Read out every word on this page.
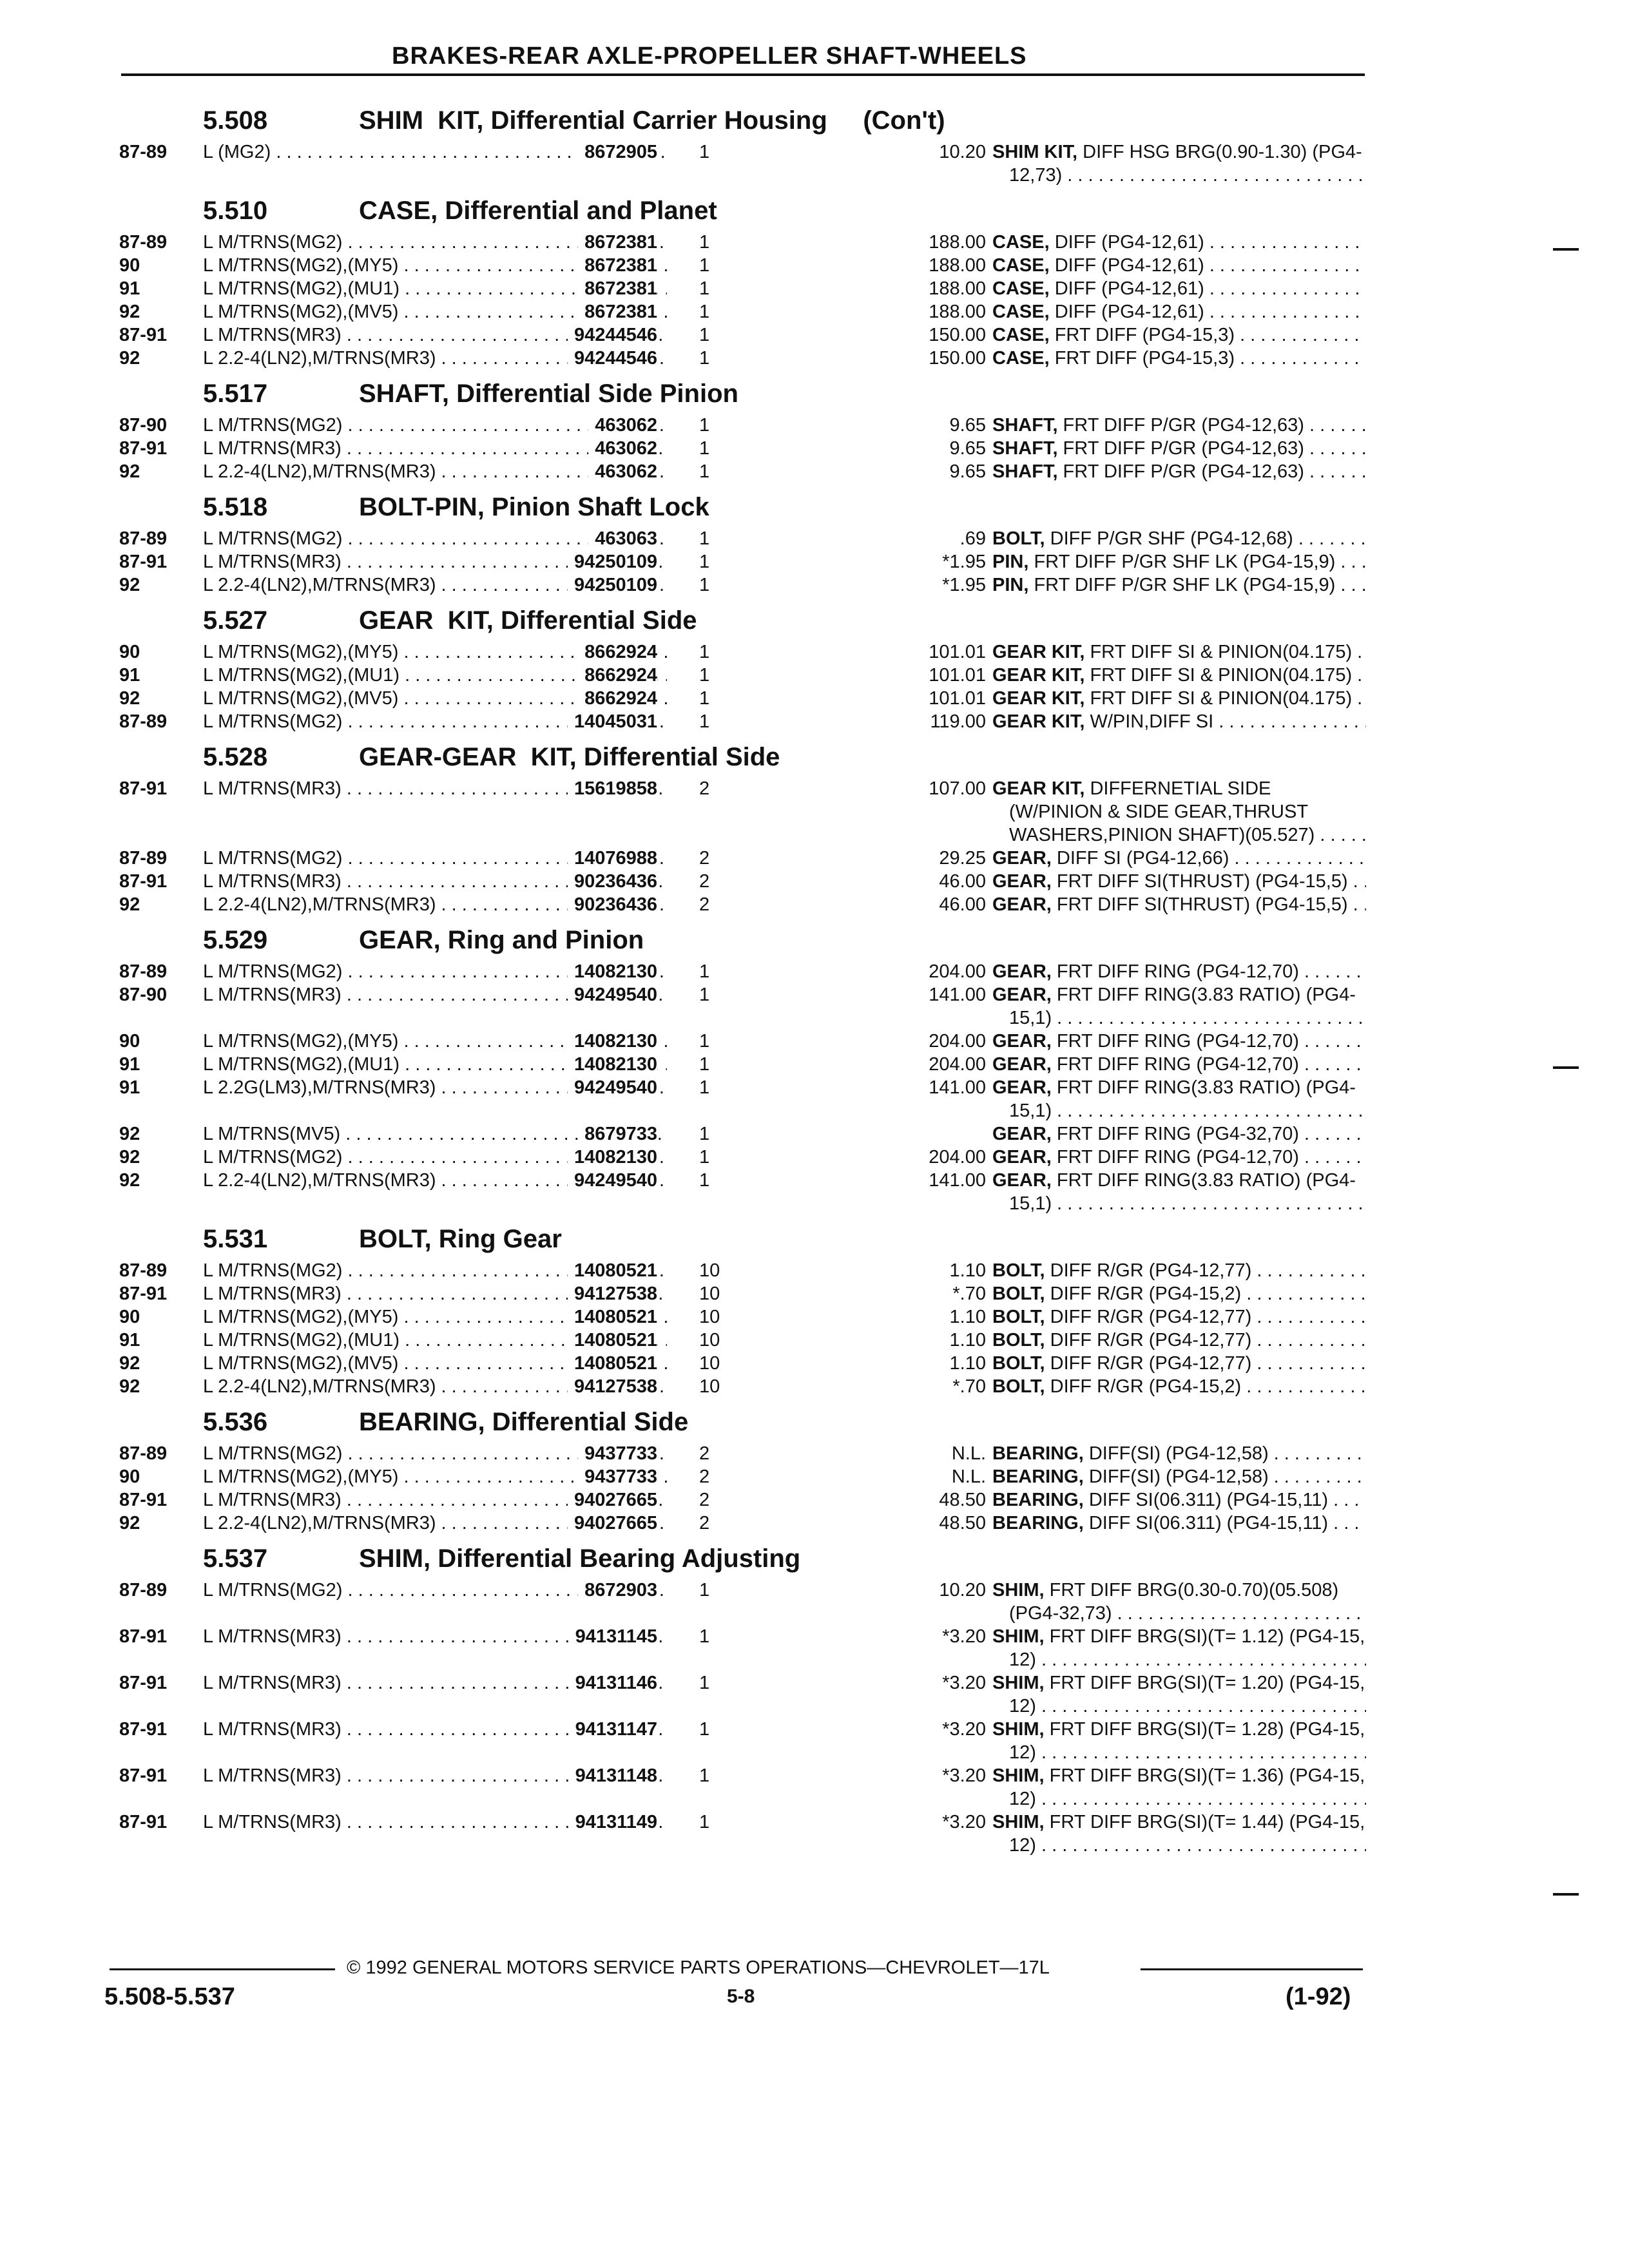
BRAKES-REAR AXLE-PROPELLER SHAFT-WHEELS
5.508	SHIM  KIT, Differential Carrier Housing     (Con't)
87-89	L (MG2) . . .	8672905 1	10.20 SHIM KIT, DIFF HSG BRG(0.90-1.30) (PG4-
12,73) . . .
5.510	CASE, Differential and Planet
87-89	L M/TRNS(MG2) . . .	8672381 1	188.00 CASE, DIFF (PG4-12,61) . . .
90	L M/TRNS(MG2),(MY5) . . .	8672381 1	188.00 CASE, DIFF (PG4-12,61) . . .
91	L M/TRNS(MG2),(MU1) . . .	8672381 1	188.00 CASE, DIFF (PG4-12,61) . . .
92	L M/TRNS(MG2),(MV5) . . .	8672381 1	188.00 CASE, DIFF (PG4-12,61) . . .
87-91	L M/TRNS(MR3) . . .	94244546 1	150.00 CASE, FRT DIFF (PG4-15,3) . . .
92	L 2.2-4(LN2),M/TRNS(MR3) . . .	94244546 1	150.00 CASE, FRT DIFF (PG4-15,3) . . .
5.517	SHAFT, Differential Side Pinion
87-90	L M/TRNS(MG2) . . .	463062 1	9.65 SHAFT, FRT DIFF P/GR (PG4-12,63) . . .
87-91	L M/TRNS(MR3) . . .	463062 1	9.65 SHAFT, FRT DIFF P/GR (PG4-12,63) . . .
92	L 2.2-4(LN2),M/TRNS(MR3) . . .	463062 1	9.65 SHAFT, FRT DIFF P/GR (PG4-12,63) . . .
5.518	BOLT-PIN, Pinion Shaft Lock
87-89	L M/TRNS(MG2) . . .	463063 1	.69 BOLT, DIFF P/GR SHF (PG4-12,68) . . .
87-91	L M/TRNS(MR3) . . .	94250109 1	*1.95 PIN, FRT DIFF P/GR SHF LK (PG4-15,9) . . .
92	L 2.2-4(LN2),M/TRNS(MR3) . . .	94250109 1	*1.95 PIN, FRT DIFF P/GR SHF LK (PG4-15,9) . . .
5.527	GEAR  KIT, Differential Side
90	L M/TRNS(MG2),(MY5) . . .	8662924 1	101.01 GEAR KIT, FRT DIFF SI & PINION(04.175) . . .
91	L M/TRNS(MG2),(MU1) . . .	8662924 1	101.01 GEAR KIT, FRT DIFF SI & PINION(04.175) . . .
92	L M/TRNS(MG2),(MV5) . . .	8662924 1	101.01 GEAR KIT, FRT DIFF SI & PINION(04.175) . . .
87-89	L M/TRNS(MG2) . . .	14045031 1	119.00 GEAR KIT, W/PIN,DIFF SI . . .
5.528	GEAR-GEAR  KIT, Differential Side
87-91	L M/TRNS(MR3) . . .	15619858 2	107.00 GEAR KIT, DIFFERNETIAL SIDE
(W/PINION & SIDE GEAR,THRUST
WASHERS,PINION SHAFT)(05.527) . . .
87-89	L M/TRNS(MG2) . . .	14076988 2	29.25 GEAR, DIFF SI (PG4-12,66) . . .
87-91	L M/TRNS(MR3) . . .	90236436 2	46.00 GEAR, FRT DIFF SI(THRUST) (PG4-15,5) . . .
92	L 2.2-4(LN2),M/TRNS(MR3) . . .	90236436 2	46.00 GEAR, FRT DIFF SI(THRUST) (PG4-15,5) . . .
5.529	GEAR, Ring and Pinion
87-89	L M/TRNS(MG2) . . .	14082130 1	204.00 GEAR, FRT DIFF RING (PG4-12,70) . . .
87-90	L M/TRNS(MR3) . . .	94249540 1	141.00 GEAR, FRT DIFF RING(3.83 RATIO) (PG4-
15,1) . . .
90	L M/TRNS(MG2),(MY5) . . .	14082130 1	204.00 GEAR, FRT DIFF RING (PG4-12,70) . . .
91	L M/TRNS(MG2),(MU1) . . .	14082130 1	204.00 GEAR, FRT DIFF RING (PG4-12,70) . . .
91	L 2.2G(LM3),M/TRNS(MR3) . . .	94249540 1	141.00 GEAR, FRT DIFF RING(3.83 RATIO) (PG4-
15,1) . . .
92	L M/TRNS(MV5) . . .	8679733 1	GEAR, FRT DIFF RING (PG4-32,70) . . .
92	L M/TRNS(MG2) . . .	14082130 1	204.00 GEAR, FRT DIFF RING (PG4-12,70) . . .
92	L 2.2-4(LN2),M/TRNS(MR3) . . .	94249540 1	141.00 GEAR, FRT DIFF RING(3.83 RATIO) (PG4-
15,1) . . .
5.531	BOLT, Ring Gear
87-89	L M/TRNS(MG2) . . .	14080521 10	1.10 BOLT, DIFF R/GR (PG4-12,77) . . .
87-91	L M/TRNS(MR3) . . .	94127538 10	*.70 BOLT, DIFF R/GR (PG4-15,2) . . .
90	L M/TRNS(MG2),(MY5) . . .	14080521 10	1.10 BOLT, DIFF R/GR (PG4-12,77) . . .
91	L M/TRNS(MG2),(MU1) . . .	14080521 10	1.10 BOLT, DIFF R/GR (PG4-12,77) . . .
92	L M/TRNS(MG2),(MV5) . . .	14080521 10	1.10 BOLT, DIFF R/GR (PG4-12,77) . . .
92	L 2.2-4(LN2),M/TRNS(MR3) . . .	94127538 10	*.70 BOLT, DIFF R/GR (PG4-15,2) . . .
5.536	BEARING, Differential Side
87-89	L M/TRNS(MG2) . . .	9437733 2	N.L. BEARING, DIFF(SI) (PG4-12,58) . . .
90	L M/TRNS(MG2),(MY5) . . .	9437733 2	N.L. BEARING, DIFF(SI) (PG4-12,58) . . .
87-91	L M/TRNS(MR3) . . .	94027665 2	48.50 BEARING, DIFF SI(06.311) (PG4-15,11) . . .
92	L 2.2-4(LN2),M/TRNS(MR3) . . .	94027665 2	48.50 BEARING, DIFF SI(06.311) (PG4-15,11) . . .
5.537	SHIM, Differential Bearing Adjusting
87-89	L M/TRNS(MG2) . . .	8672903 1	10.20 SHIM, FRT DIFF BRG(0.30-0.70)(05.508)
(PG4-32,73) . . .
87-91	L M/TRNS(MR3) . . .	94131145 1	*3.20 SHIM, FRT DIFF BRG(SI)(T= 1.12) (PG4-15,
12) . . .
87-91	L M/TRNS(MR3) . . .	94131146 1	*3.20 SHIM, FRT DIFF BRG(SI)(T= 1.20) (PG4-15,
12) . . .
87-91	L M/TRNS(MR3) . . .	94131147 1	*3.20 SHIM, FRT DIFF BRG(SI)(T= 1.28) (PG4-15,
12) . . .
87-91	L M/TRNS(MR3) . . .	94131148 1	*3.20 SHIM, FRT DIFF BRG(SI)(T= 1.36) (PG4-15,
12) . . .
87-91	L M/TRNS(MR3) . . .	94131149 1	*3.20 SHIM, FRT DIFF BRG(SI)(T= 1.44) (PG4-15,
12) . . .
© 1992 GENERAL MOTORS SERVICE PARTS OPERATIONS—CHEVROLET—17L
5.508-5.537	5-8	(1-92)
